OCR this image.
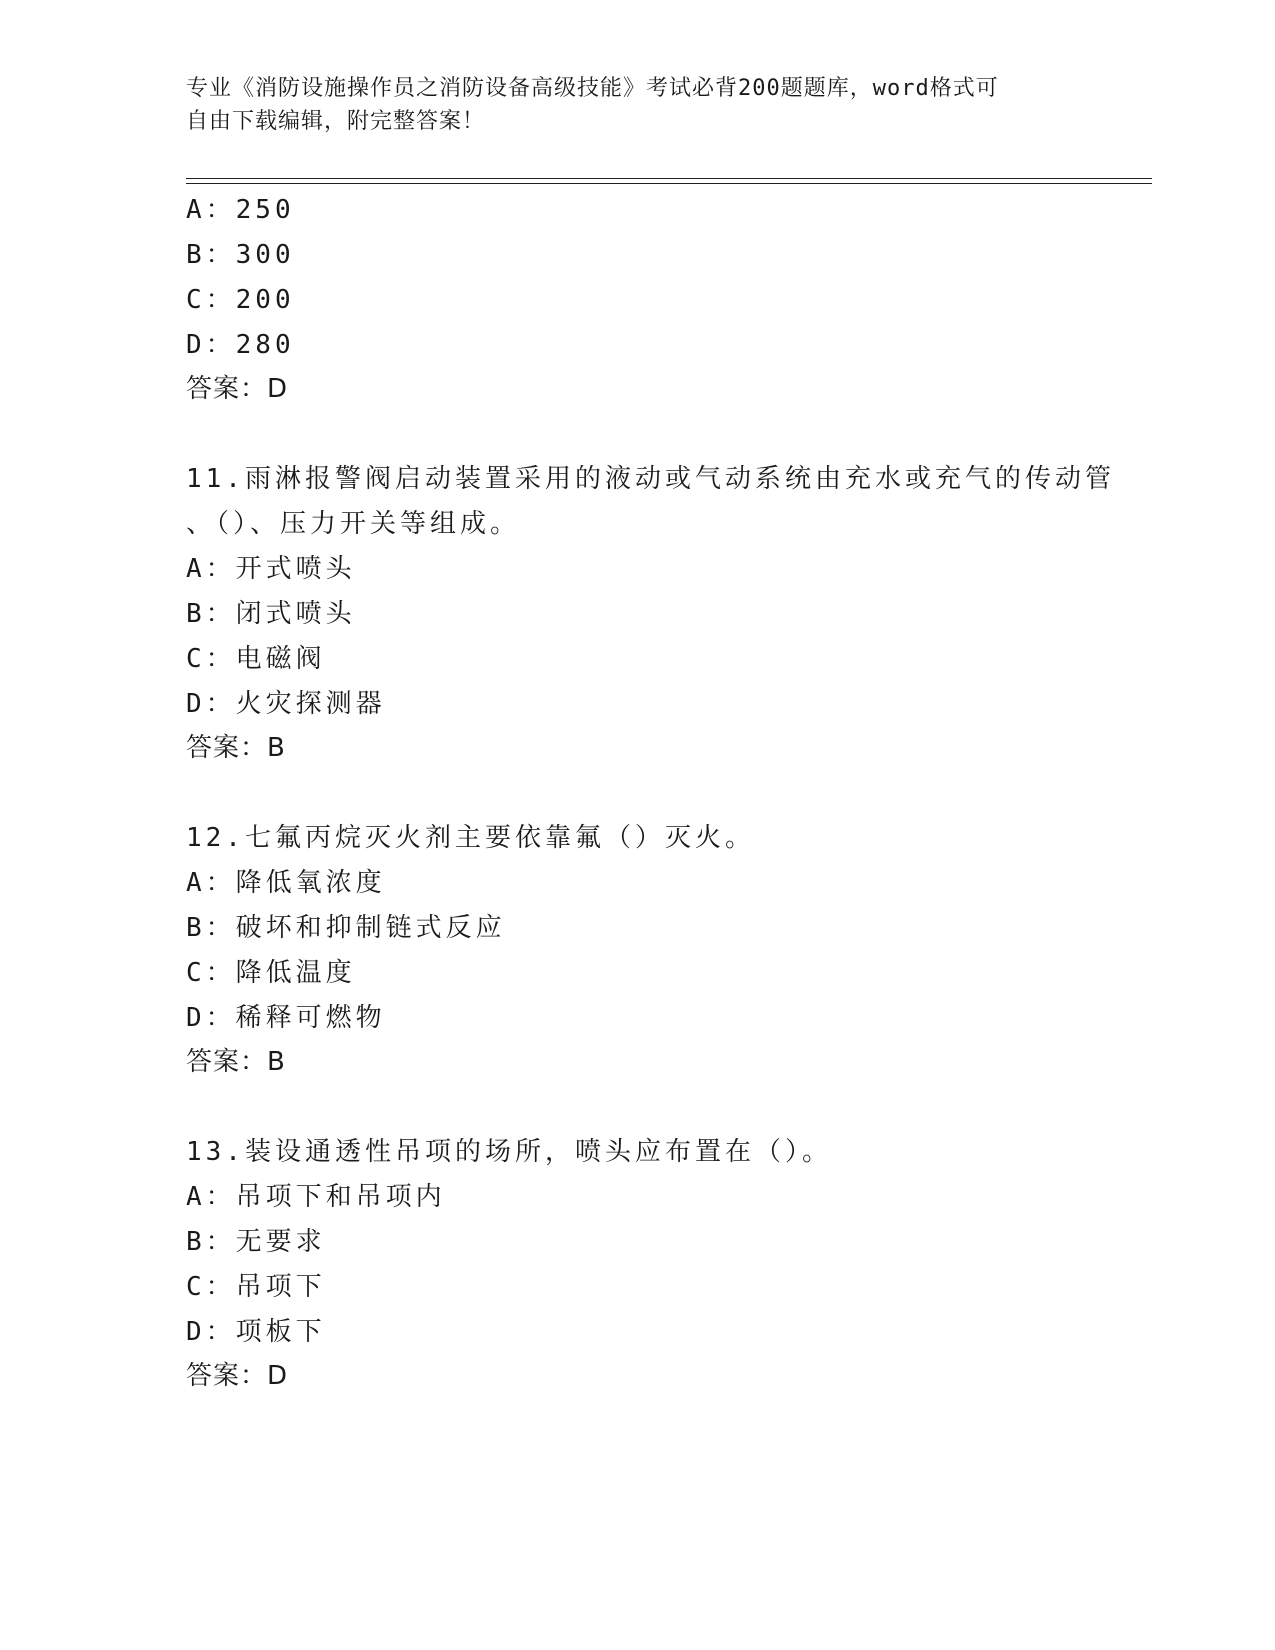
专业《消防设施操作员之消防设备高级技能》考试必背200题题库，word格式可
自由下载编辑，附完整答案！
A：250
B：300
C：200
D：280
答案：D
11.雨淋报警阀启动装置采用的液动或气动系统由充水或充气的传动管
、（）、压力开关等组成。
A：开式喷头
B：闭式喷头
C：电磁阀
D：火灾探测器
答案：B
12.七氟丙烷灭火剂主要依靠氟（）灭火。
A：降低氧浓度
B：破坏和抑制链式反应
C：降低温度
D：稀释可燃物
答案：B
13.装设通透性吊项的场所，喷头应布置在（）。
A：吊项下和吊项内
B：无要求
C：吊项下
D：项板下
答案：D
